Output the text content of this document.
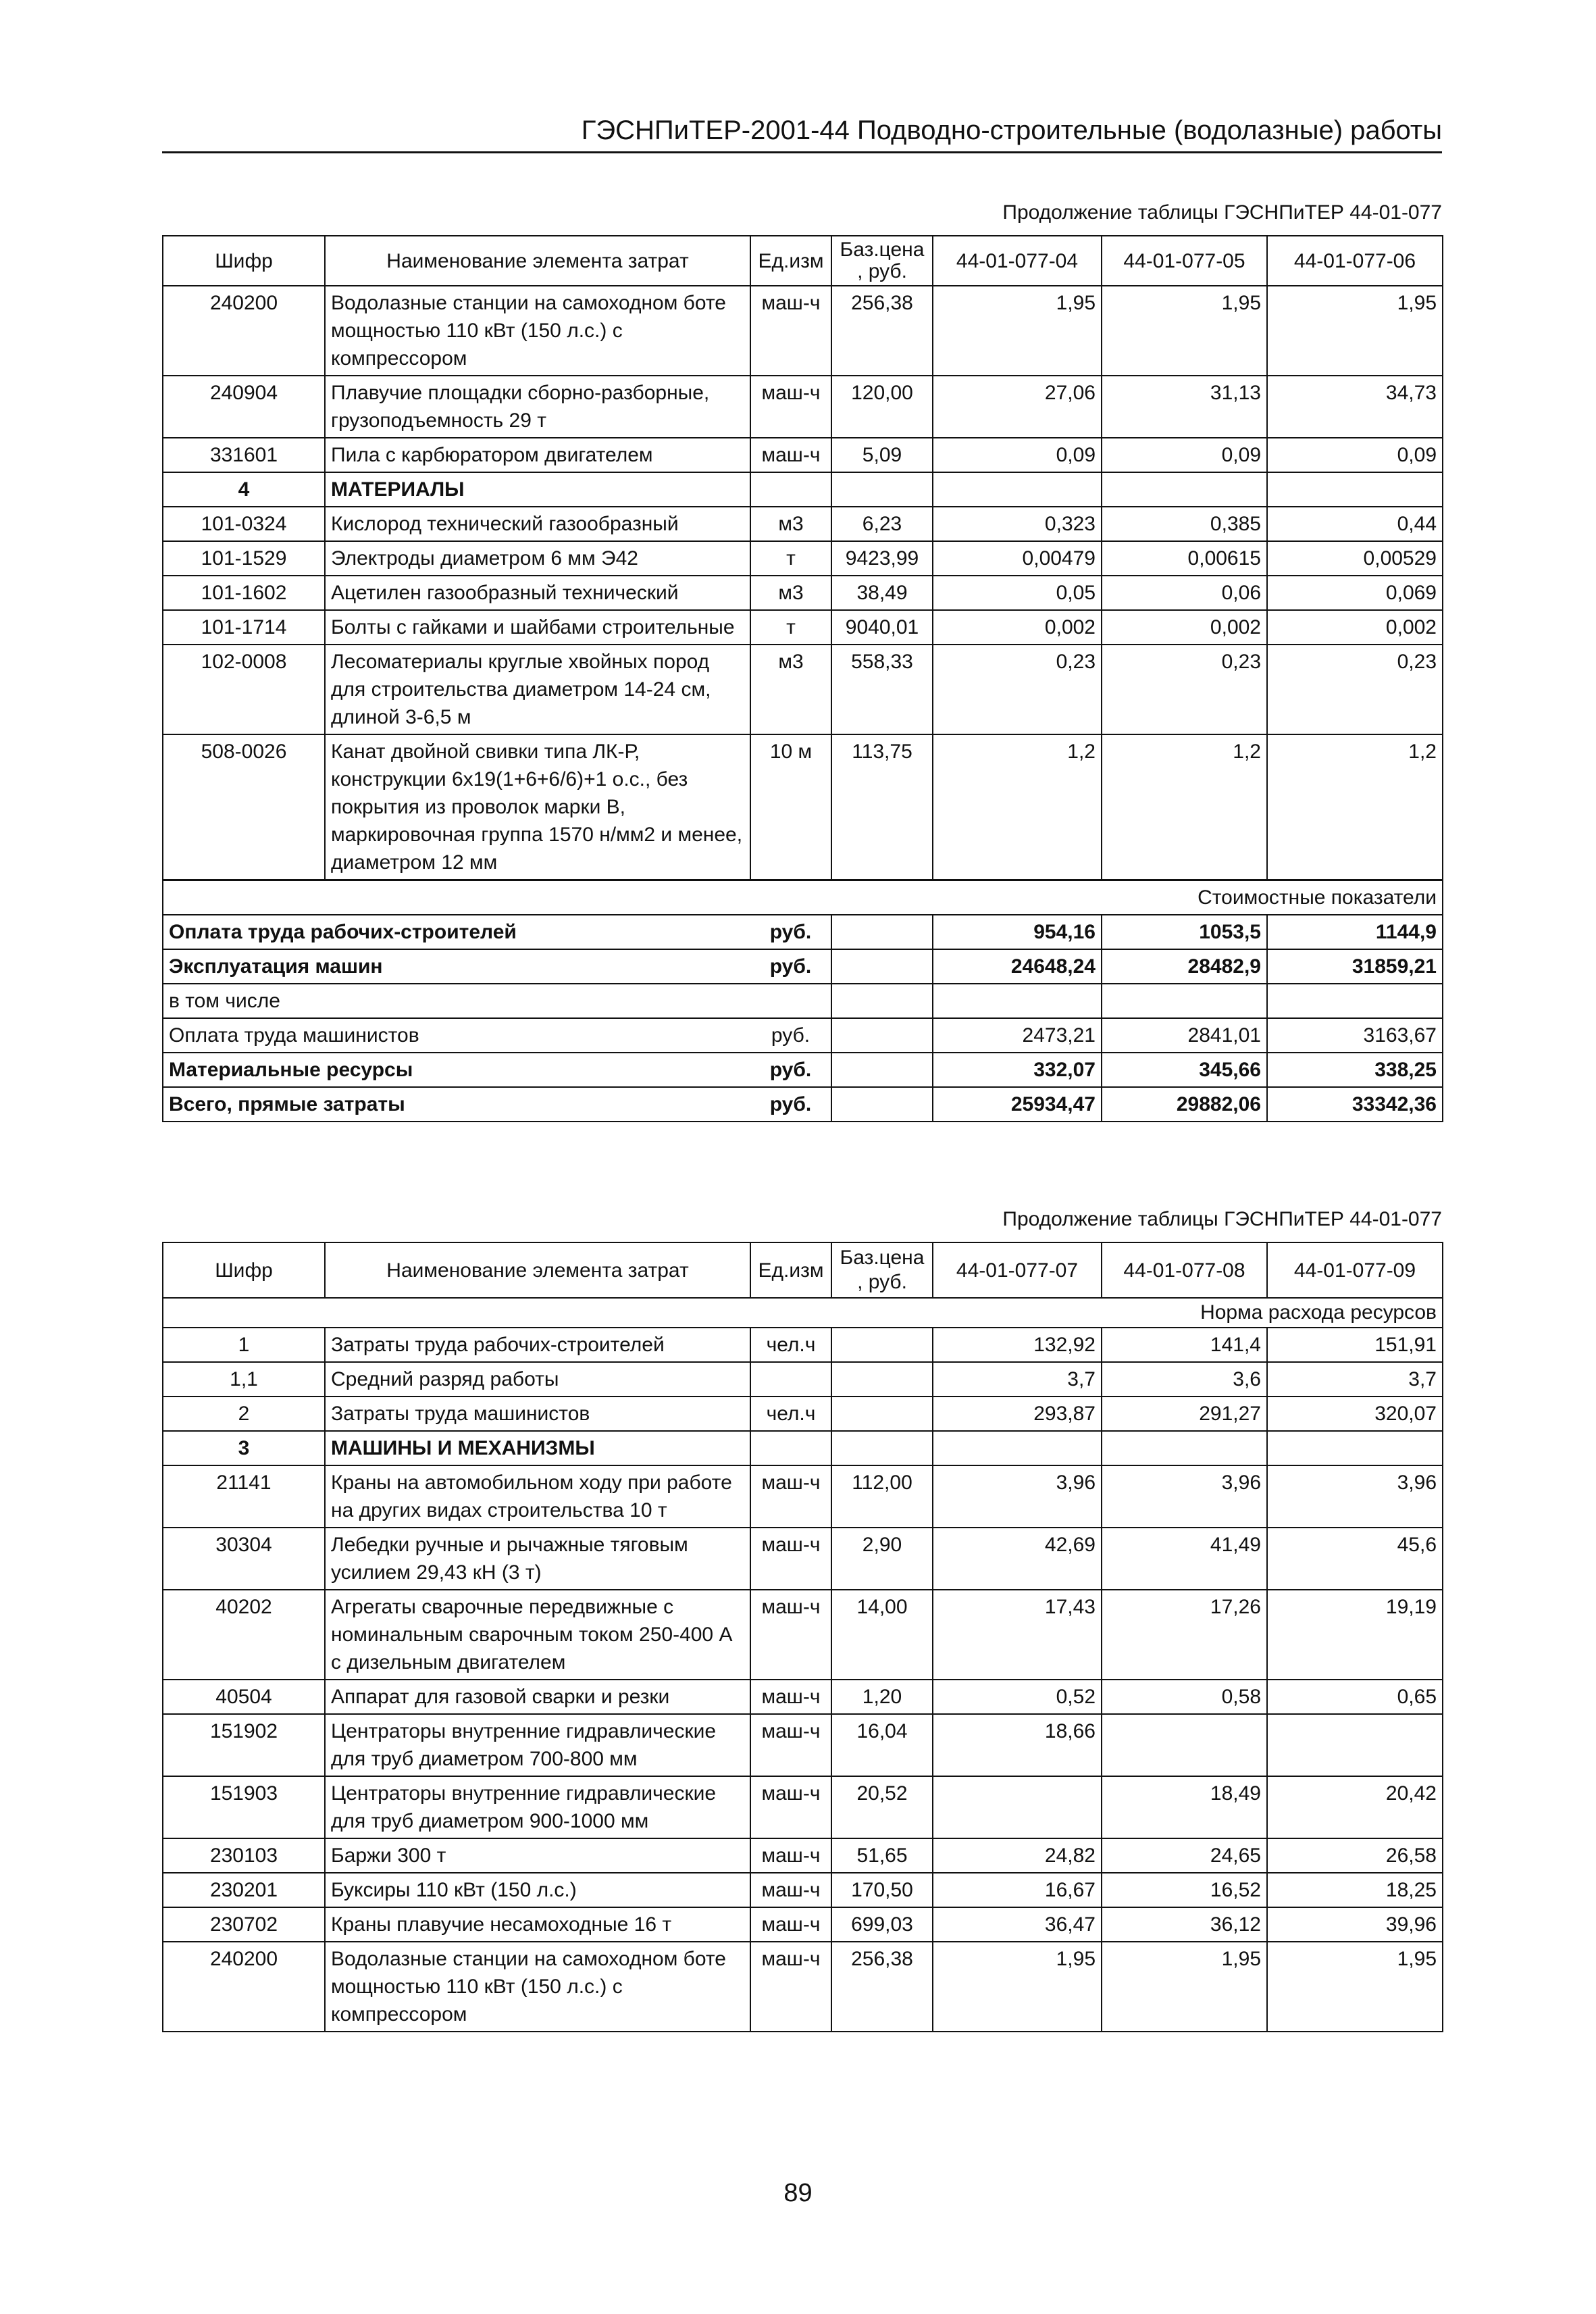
ГЭСНПиТЕР-2001-44 Подводно-строительные (водолазные) работы
Продолжение таблицы ГЭСНПиТЕР 44-01-077
Шифр	Наименование элемента затрат	Ед.изм	Баз.цена, руб.	44-01-077-04	44-01-077-05	44-01-077-06
240200	Водолазные станции на самоходном боте мощностью 110 кВт (150 л.с.) с компрессором	маш-ч	256,38	1,95	1,95	1,95
240904	Плавучие площадки сборно-разборные, грузоподъемность 29 т	маш-ч	120,00	27,06	31,13	34,73
331601	Пила с карбюратором двигателем	маш-ч	5,09	0,09	0,09	0,09
4	МАТЕРИАЛЫ					
101-0324	Кислород технический газообразный	м3	6,23	0,323	0,385	0,44
101-1529	Электроды диаметром 6 мм Э42	т	9423,99	0,00479	0,00615	0,00529
101-1602	Ацетилен газообразный технический	м3	38,49	0,05	0,06	0,069
101-1714	Болты с гайками и шайбами строительные	т	9040,01	0,002	0,002	0,002
102-0008	Лесоматериалы круглые хвойных пород для строительства диаметром 14-24 см, длиной 3-6,5 м	м3	558,33	0,23	0,23	0,23
508-0026	Канат двойной свивки типа ЛК-Р, конструкции 6х19(1+6+6/6)+1 о.с., без покрытия из проволок марки В, маркировочная группа 1570 н/мм2 и менее, диаметром 12 мм	10 м	113,75	1,2	1,2	1,2
Стоимостные показатели						
Оплата труда рабочих-строителей		руб.		954,16	1053,5	1144,9
Эксплуатация машин		руб.		24648,24	28482,9	31859,21
в том числе						
Оплата труда машинистов		руб.		2473,21	2841,01	3163,67
Материальные ресурсы		руб.		332,07	345,66	338,25
Всего, прямые затраты		руб.		25934,47	29882,06	33342,36
Продолжение таблицы ГЭСНПиТЕР 44-01-077
Шифр	Наименование элемента затрат	Ед.изм	Баз.цена, руб.	44-01-077-07	44-01-077-08	44-01-077-09
Норма расхода ресурсов						
1	Затраты труда рабочих-строителей	чел.ч		132,92	141,4	151,91
1,1	Средний разряд работы			3,7	3,6	3,7
2	Затраты труда машинистов	чел.ч		293,87	291,27	320,07
3	МАШИНЫ И МЕХАНИЗМЫ					
21141	Краны на автомобильном ходу при работе на других видах строительства 10 т	маш-ч	112,00	3,96	3,96	3,96
30304	Лебедки ручные и рычажные тяговым усилием 29,43 кН (3 т)	маш-ч	2,90	42,69	41,49	45,6
40202	Агрегаты сварочные передвижные с номинальным сварочным током 250-400 А с дизельным двигателем	маш-ч	14,00	17,43	17,26	19,19
40504	Аппарат для газовой сварки и резки	маш-ч	1,20	0,52	0,58	0,65
151902	Центраторы внутренние гидравлические для труб диаметром 700-800 мм	маш-ч	16,04	18,66		
151903	Центраторы внутренние гидравлические для труб диаметром 900-1000 мм	маш-ч	20,52		18,49	20,42
230103	Баржи 300 т	маш-ч	51,65	24,82	24,65	26,58
230201	Буксиры 110 кВт (150 л.с.)	маш-ч	170,50	16,67	16,52	18,25
230702	Краны плавучие несамоходные 16 т	маш-ч	699,03	36,47	36,12	39,96
240200	Водолазные станции на самоходном боте мощностью 110 кВт (150 л.с.) с компрессором	маш-ч	256,38	1,95	1,95	1,95
89
